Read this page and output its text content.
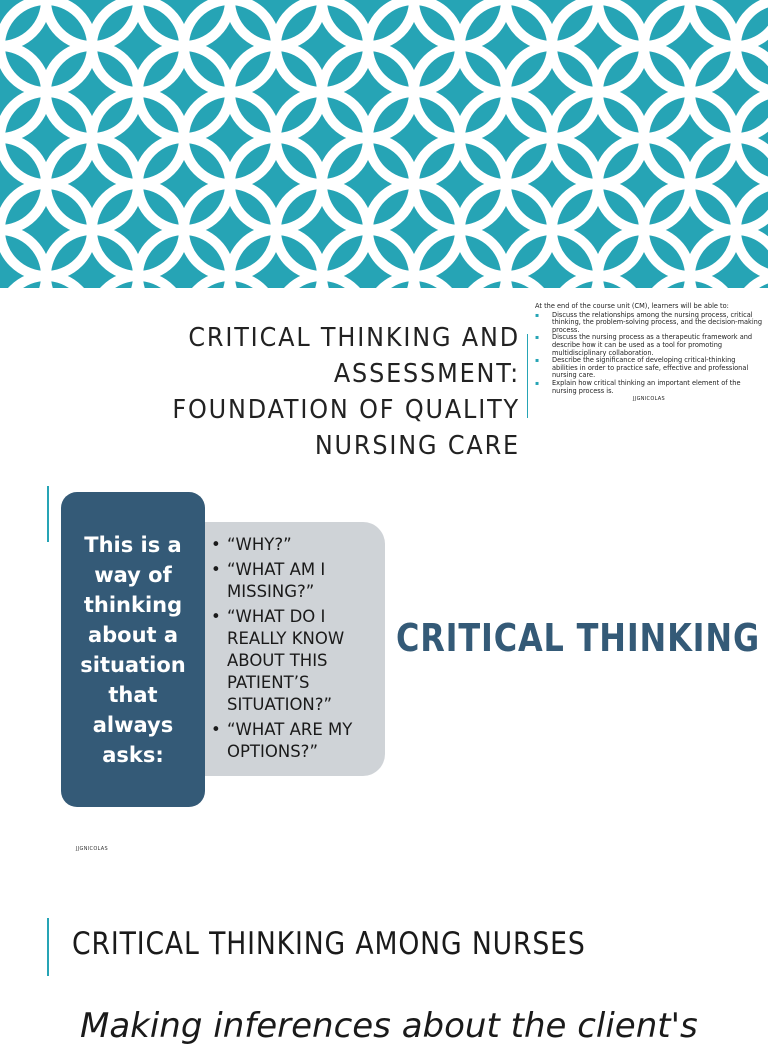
CRITICAL THINKING AND ASSESSMENT:
FOUNDATION OF QUALITY NURSING CARE
At the end of the course unit (CM), learners will be able to:
▪ Discuss the relationships among the nursing process, critical thinking, the problem-solving process, and the decision-making process.
▪ Discuss the nursing process as a therapeutic framework and describe how it can be used as a tool for promoting multidisciplinary collaboration.
▪ Describe the significance of developing critical-thinking abilities in order to practice safe, effective and professional nursing care.
▪ Explain how critical thinking an important element of the nursing process is.
JJGNICOLAS
This is a
way of
thinking
about a
situation
that
always
asks:
• “WHY?”
• “WHAT AM I
MISSING?”
• “WHAT DO I
REALLY KNOW
ABOUT THIS
PATIENT’S
SITUATION?”
• “WHAT ARE MY
OPTIONS?”
CRITICAL THINKING
JJGNICOLAS
CRITICAL THINKING AMONG NURSES
Making inferences about the client's
